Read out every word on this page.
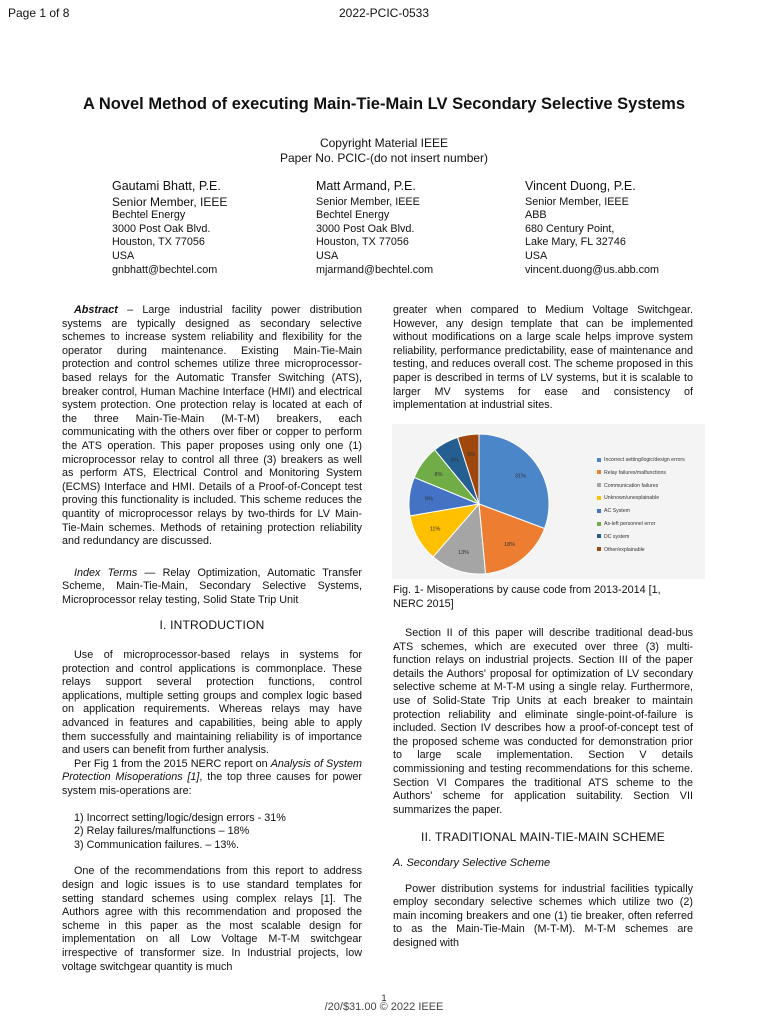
Page 1 of 8	2022-PCIC-0533
A Novel Method of executing Main-Tie-Main LV Secondary Selective Systems
Copyright Material IEEE
Paper No. PCIC-(do not insert number)
Gautami Bhatt, P.E.
Senior Member, IEEE
Bechtel Energy
3000 Post Oak Blvd.
Houston, TX 77056
USA
gnbhatt@bechtel.com
Matt Armand, P.E.
Senior Member, IEEE
Bechtel Energy
3000 Post Oak Blvd.
Houston, TX 77056
USA
mjarmand@bechtel.com
Vincent Duong, P.E.
Senior Member, IEEE
ABB
680 Century Point,
Lake Mary, FL 32746
USA
vincent.duong@us.abb.com

Abstract – Large industrial facility power distribution systems are typically designed as secondary selective schemes to increase system reliability and flexibility for the operator during maintenance. Existing Main-Tie-Main protection and control schemes utilize three microprocessor-based relays for the Automatic Transfer Switching (ATS), breaker control, Human Machine Interface (HMI) and electrical system protection. One protection relay is located at each of the three Main-Tie-Main (M-T-M) breakers, each communicating with the others over fiber or copper to perform the ATS operation. This paper proposes using only one (1) microprocessor relay to control all three (3) breakers as well as perform ATS, Electrical Control and Monitoring System (ECMS) Interface and HMI. Details of a Proof-of-Concept test proving this functionality is included. This scheme reduces the quantity of microprocessor relays by two-thirds for LV Main-Tie-Main schemes. Methods of retaining protection reliability and redundancy are discussed.

Index Terms — Relay Optimization, Automatic Transfer Scheme, Main-Tie-Main, Secondary Selective Systems, Microprocessor relay testing, Solid State Trip Unit

I. INTRODUCTION

Use of microprocessor-based relays in systems for protection and control applications is commonplace. These relays support several protection functions, control applications, multiple setting groups and complex logic based on application requirements. Whereas relays may have advanced in features and capabilities, being able to apply them successfully and maintaining reliability is of importance and users can benefit from further analysis.

Per Fig 1 from the 2015 NERC report on Analysis of System Protection Misoperations [1], the top three causes for power system mis-operations are:

1) Incorrect setting/logic/design errors - 31%
2) Relay failures/malfunctions – 18%
3) Communication failures. – 13%.

One of the recommendations from this report to address design and logic issues is to use standard templates for setting standard schemes using complex relays [1]. The Authors agree with this recommendation and proposed the scheme in this paper as the most scalable design for implementation on all Low Voltage M-T-M switchgear irrespective of transformer size. In Industrial projects, low voltage switchgear quantity is much

greater when compared to Medium Voltage Switchgear. However, any design template that can be implemented without modifications on a large scale helps improve system reliability, performance predictability, ease of maintenance and testing, and reduces overall cost. The scheme proposed in this paper is described in terms of LV systems, but it is scalable to larger MV systems for ease and consistency of implementation at industrial sites.

31%
18%
13%
11%
9%
8%
6%
5%
Incorrect setting/logic/design errors
Relay failures/malfunctions
Communication failures
Unknown/unexplainable
AC System
As-left personnel error
DC system
Other/explainable

Fig. 1- Misoperations by cause code from 2013-2014 [1, NERC 2015]

Section II of this paper will describe traditional dead-bus ATS schemes, which are executed over three (3) multi-function relays on industrial projects. Section III of the paper details the Authors' proposal for optimization of LV secondary selective scheme at M-T-M using a single relay. Furthermore, use of Solid-State Trip Units at each breaker to maintain protection reliability and eliminate single-point-of-failure is included. Section IV describes how a proof-of-concept test of the proposed scheme was conducted for demonstration prior to large scale implementation. Section V details commissioning and testing recommendations for this scheme. Section VI Compares the traditional ATS scheme to the Authors' scheme for application suitability. Section VII summarizes the paper.

II. TRADITIONAL MAIN-TIE-MAIN SCHEME

A. Secondary Selective Scheme

Power distribution systems for industrial facilities typically employ secondary selective schemes which utilize two (2) main incoming breakers and one (1) tie breaker, often referred to as the Main-Tie-Main (M-T-M). M-T-M schemes are designed with

1
/20/$31.00 © 2022 IEEE
